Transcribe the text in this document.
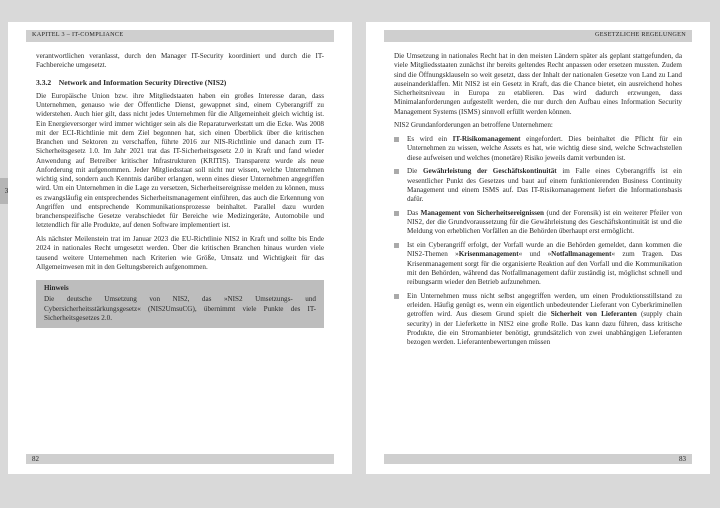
3
KAPITEL 3 – IT-COMPLIANCE

verantwortlichen veranlasst, durch den Manager IT-Security koordiniert und durch die IT-Fachbereiche umgesetzt.

3.3.2 Network and Information Security Directive (NIS2)

Die Europäische Union bzw. ihre Mitgliedstaaten haben ein großes Interesse daran, dass Unternehmen, genauso wie der Öffentliche Dienst, gewappnet sind, einem Cyberangriff zu widerstehen. Auch hier gilt, dass nicht jedes Unternehmen für die Allgemeinheit gleich wichtig ist. Ein Energieversorger wird immer wichtiger sein als die Reparaturwerkstatt um die Ecke. Was 2008 mit der ECI-Richtlinie mit dem Ziel begonnen hat, sich einen Überblick über die kritischen Branchen und Sektoren zu verschaffen, führte 2016 zur NIS-Richtlinie und danach zum IT-Sicherheitsgesetz 1.0. Im Jahr 2021 trat das IT-Sicherheitsgesetz 2.0 in Kraft und fand wieder Anwendung auf Betreiber kritischer Infrastrukturen (KRITIS). Transparenz wurde als neue Anforderung mit aufgenommen. Jeder Mitgliedsstaat soll nicht nur wissen, welche Unternehmen wichtig sind, sondern auch Kenntnis darüber erlangen, wenn eines dieser Unternehmen angegriffen wird. Um ein Unternehmen in die Lage zu versetzen, Sicherheitsereignisse melden zu können, muss es zwangsläufig ein entsprechendes Sicherheitsmanagement einführen, das auch die Erkennung von Angriffen und entsprechende Kommunikationsprozesse beinhaltet. Parallel dazu wurden branchenspezifische Gesetze verabschiedet für Bereiche wie Medizingeräte, Automobile und letztendlich für alle Produkte, auf denen Software implementiert ist.

Als nächster Meilenstein trat im Januar 2023 die EU-Richtlinie NIS2 in Kraft und sollte bis Ende 2024 in nationales Recht umgesetzt werden. Über die kritischen Branchen hinaus wurden viele tausend weitere Unternehmen nach Kriterien wie Größe, Umsatz und Wichtigkeit für das Allgemeinwesen mit in den Geltungsbereich aufgenommen.

Hinweis
Die deutsche Umsetzung von NIS2, das »NIS2 Umsetzungs- und Cybersicherheitsstärkungsgesetz« (NIS2UmsuCG), übernimmt viele Punkte des IT-Sicherheitsgesetzes 2.0.
82
GESETZLICHE REGELUNGEN

Die Umsetzung in nationales Recht hat in den meisten Ländern später als geplant stattgefunden, da viele Mitgliedsstaaten zunächst ihr bereits geltendes Recht anpassen oder ersetzen mussten. Zudem sind die Öffnungsklauseln so weit gesetzt, dass der Inhalt der nationalen Gesetze von Land zu Land auseinanderklaffen. Mit NIS2 ist ein Gesetz in Kraft, das die Chance bietet, ein ausreichend hohes Sicherheitsniveau in Europa zu etablieren. Das wird dadurch erzwungen, dass Minimalanforderungen aufgestellt werden, die nur durch den Aufbau eines Information Security Management Systems (ISMS) sinnvoll erfüllt werden können.

NIS2 Grundanforderungen an betroffene Unternehmen:

Es wird ein IT-Risikomanagement eingefordert. Dies beinhaltet die Pflicht für ein Unternehmen zu wissen, welche Assets es hat, wie wichtig diese sind, welche Schwachstellen diese aufweisen und welches (monetäre) Risiko jeweils damit verbunden ist.
Die Gewährleistung der Geschäftskontinuität im Falle eines Cyberangriffs ist ein wesentlicher Punkt des Gesetzes und baut auf einem funktionierenden Business Continuity Management und einem ISMS auf. Das IT-Risikomanagement liefert die Informationsbasis dafür.
Das Management von Sicherheitsereignissen (und der Forensik) ist ein weiterer Pfeiler von NIS2, der die Grundvoraussetzung für die Gewährleistung des Geschäftskontinuität ist und die Meldung von erheblichen Vorfällen an die Behörden überhaupt erst ermöglicht.
Ist ein Cyberangriff erfolgt, der Vorfall wurde an die Behörden gemeldet, dann kommen die NIS2-Themen »Krisenmanagement« und »Notfallmanagement« zum Tragen. Das Krisenmanagement sorgt für die organisierte Reaktion auf den Vorfall und die Kommunikation mit den Behörden, während das Notfallmanagement dafür zuständig ist, möglichst schnell und reibungsarm wieder den Betrieb aufzunehmen.
Ein Unternehmen muss nicht selbst angegriffen werden, um einen Produktionsstillstand zu erleiden. Häufig genügt es, wenn ein eigentlich unbedeutender Lieferant von Cyberkriminellen getroffen wird. Aus diesem Grund spielt die Sicherheit von Lieferanten (supply chain security) in der Lieferkette in NIS2 eine große Rolle. Das kann dazu führen, dass kritische Produkte, die ein Stromanbieter benötigt, grundsätzlich von zwei unabhängigen Lieferanten bezogen werden. Lieferantenbewertungen müssen
83
